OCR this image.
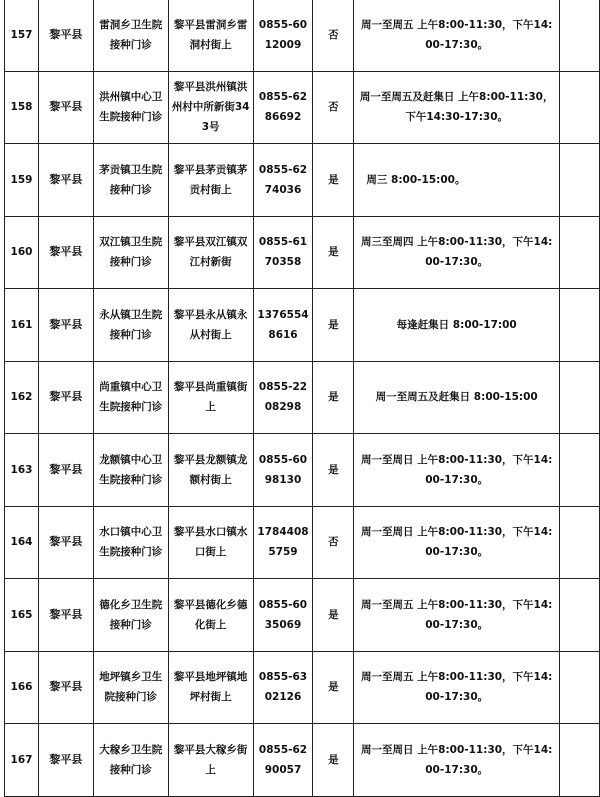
157	黎平县	雷洞乡卫生院接种门诊	黎平县雷洞乡雷洞村街上	0855-6012009	否	周一至周五 上午8:00-11:30，下午14:00-17:30。	
158	黎平县	洪州镇中心卫生院接种门诊	黎平县洪州镇洪州村中所新街343号	0855-6286692	否	周一至周五及赶集日 上午8:00-11:30，下午14:30-17:30。	
159	黎平县	茅贡镇卫生院接种门诊	黎平县茅贡镇茅贡村街上	0855-6274036	是	周三 8:00-15:00。	
160	黎平县	双江镇卫生院接种门诊	黎平县双江镇双江村新街	0855-6170358	是	周三至周四 上午8:00-11:30，下午14:00-17:30。	
161	黎平县	永从镇卫生院接种门诊	黎平县永从镇永从村街上	13765548616	是	每逢赶集日 8:00-17:00	
162	黎平县	尚重镇中心卫生院接种门诊	黎平县尚重镇街上	0855-2208298	是	周一至周五及赶集日 8:00-15:00	
163	黎平县	龙额镇中心卫生院接种门诊	黎平县龙额镇龙额村街上	0855-6098130	是	周一至周日 上午8:00-11:30，下午14:00-17:30。	
164	黎平县	水口镇中心卫生院接种门诊	黎平县水口镇水口街上	17844085759	否	周一至周日 上午8:00-11:30，下午14:00-17:30。	
165	黎平县	德化乡卫生院接种门诊	黎平县德化乡德化街上	0855-6035069	是	周一至周五 上午8:00-11:30，下午14:00-17:30。	
166	黎平县	地坪镇乡卫生院接种门诊	黎平县地坪镇地坪村街上	0855-6302126	是	周一至周五 上午8:00-11:30，下午14:00-17:30。	
167	黎平县	大稼乡卫生院接种门诊	黎平县大稼乡街上	0855-6290057	是	周一至周日 上午8:00-11:30，下午14:00-17:30。	
